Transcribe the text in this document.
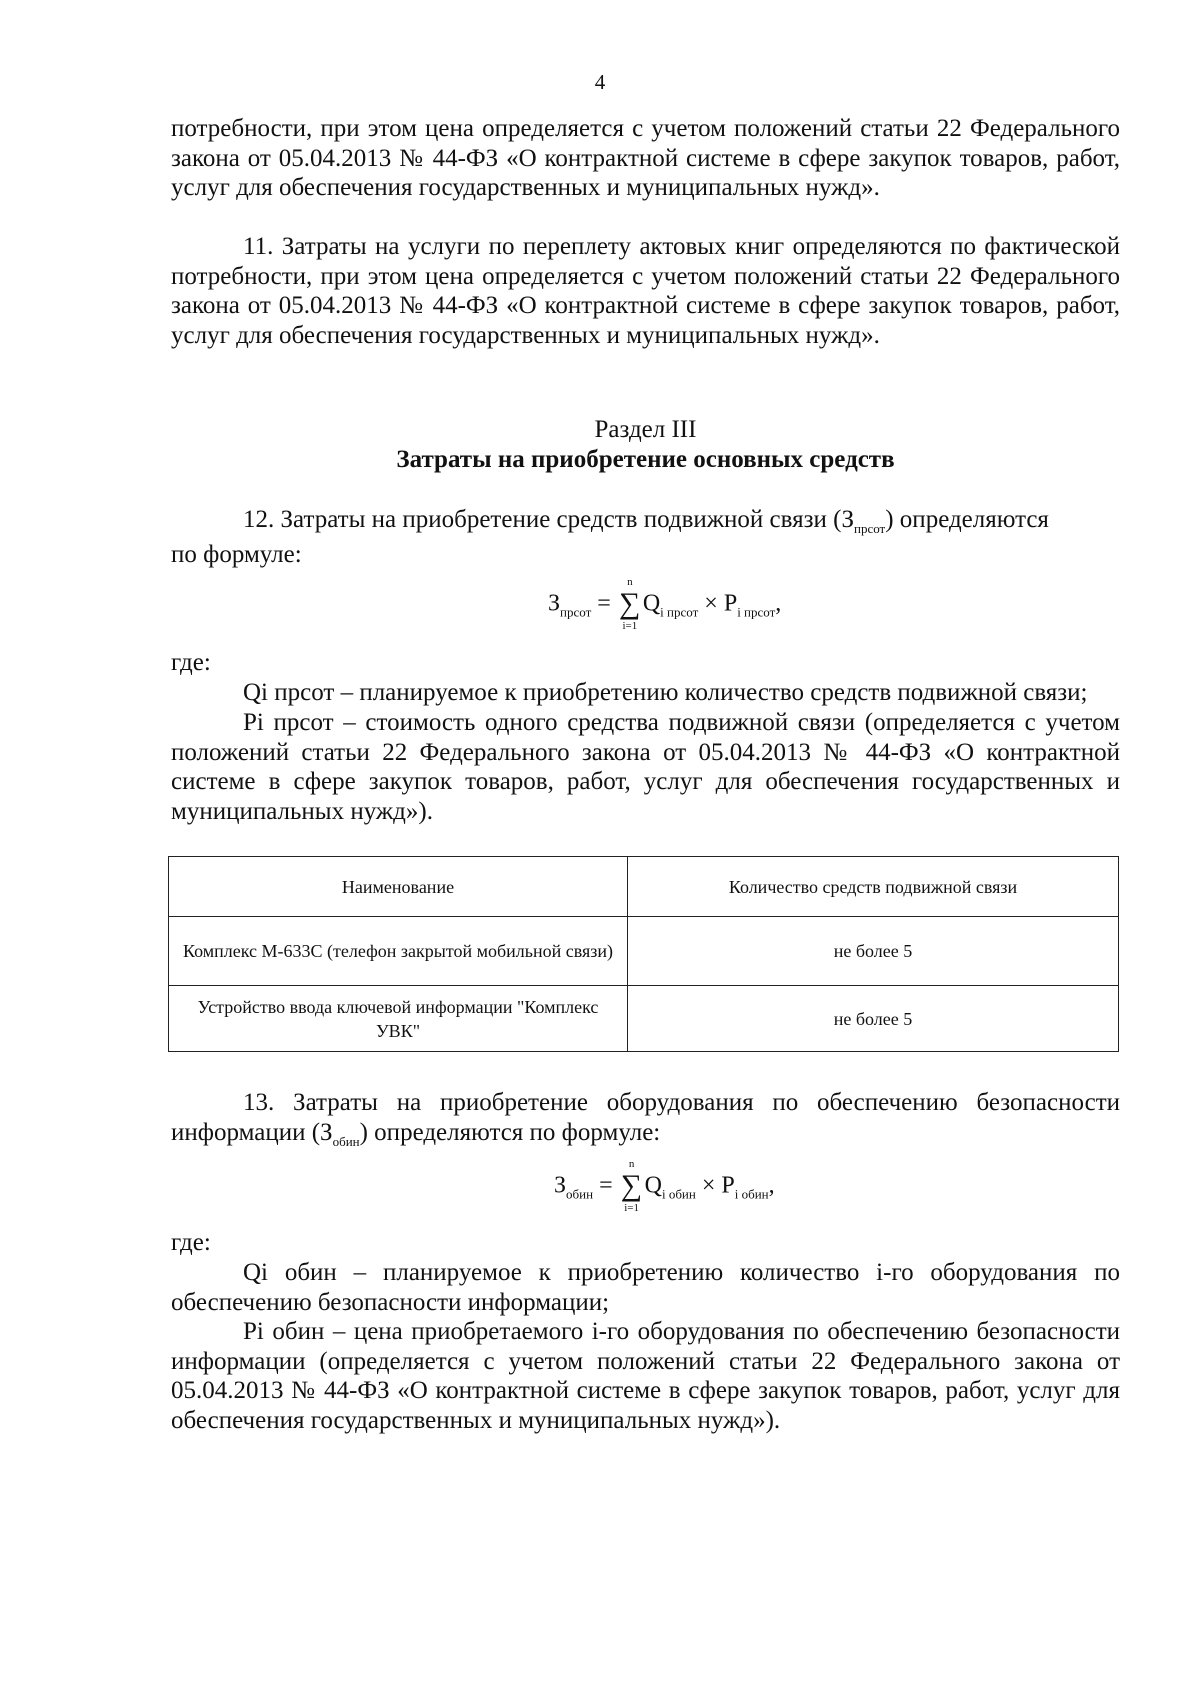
4

потребности, при этом цена определяется с учетом положений статьи 22 Федерального закона от 05.04.2013 № 44-ФЗ «О контрактной системе в сфере закупок товаров, работ, услуг для обеспечения государственных и муниципальных нужд».

11. Затраты на услуги по переплету актовых книг определяются по фактической потребности, при этом цена определяется с учетом положений статьи 22 Федерального закона от 05.04.2013 № 44-ФЗ «О контрактной системе в сфере закупок товаров, работ, услуг для обеспечения государственных и муниципальных нужд».

Раздел III
Затраты на приобретение основных средств

12. Затраты на приобретение средств подвижной связи $(З_{прсот})$ определяются

по формуле:
$З_{прсот}$ =
n
∑
i=1
$Q_{i прсот} \times P_{i прсот}$,
где:

Qi прсот – планируемое к приобретению количество средств подвижной связи;

Pi прсот – стоимость одного средства подвижной связи (определяется с учетом положений статьи 22 Федерального закона от 05.04.2013 № 44-ФЗ «О контрактной системе в сфере закупок товаров, работ, услуг для обеспечения государственных и муниципальных нужд»).

Наименование	Количество средств подвижной связи
Комплекс М-633С (телефон закрытой мобильной связи)	не более 5
Устройство ввода ключевой информации "Комплекс УВК"	не более 5

13. Затраты на приобретение оборудования по обеспечению безопасности информации $(З_{обин})$ определяются по формуле:

$З_{обин}$ =
n
∑
i=1
$Q_{i обин} \times P_{i обин}$,
где:

Qi обин – планируемое к приобретению количество i-го оборудования по обеспечению безопасности информации;

Pi обин – цена приобретаемого i-го оборудования по обеспечению безопасности информации (определяется с учетом положений статьи 22 Федерального закона от 05.04.2013 № 44-ФЗ «О контрактной системе в сфере закупок товаров, работ, услуг для обеспечения государственных и муниципальных нужд»).
